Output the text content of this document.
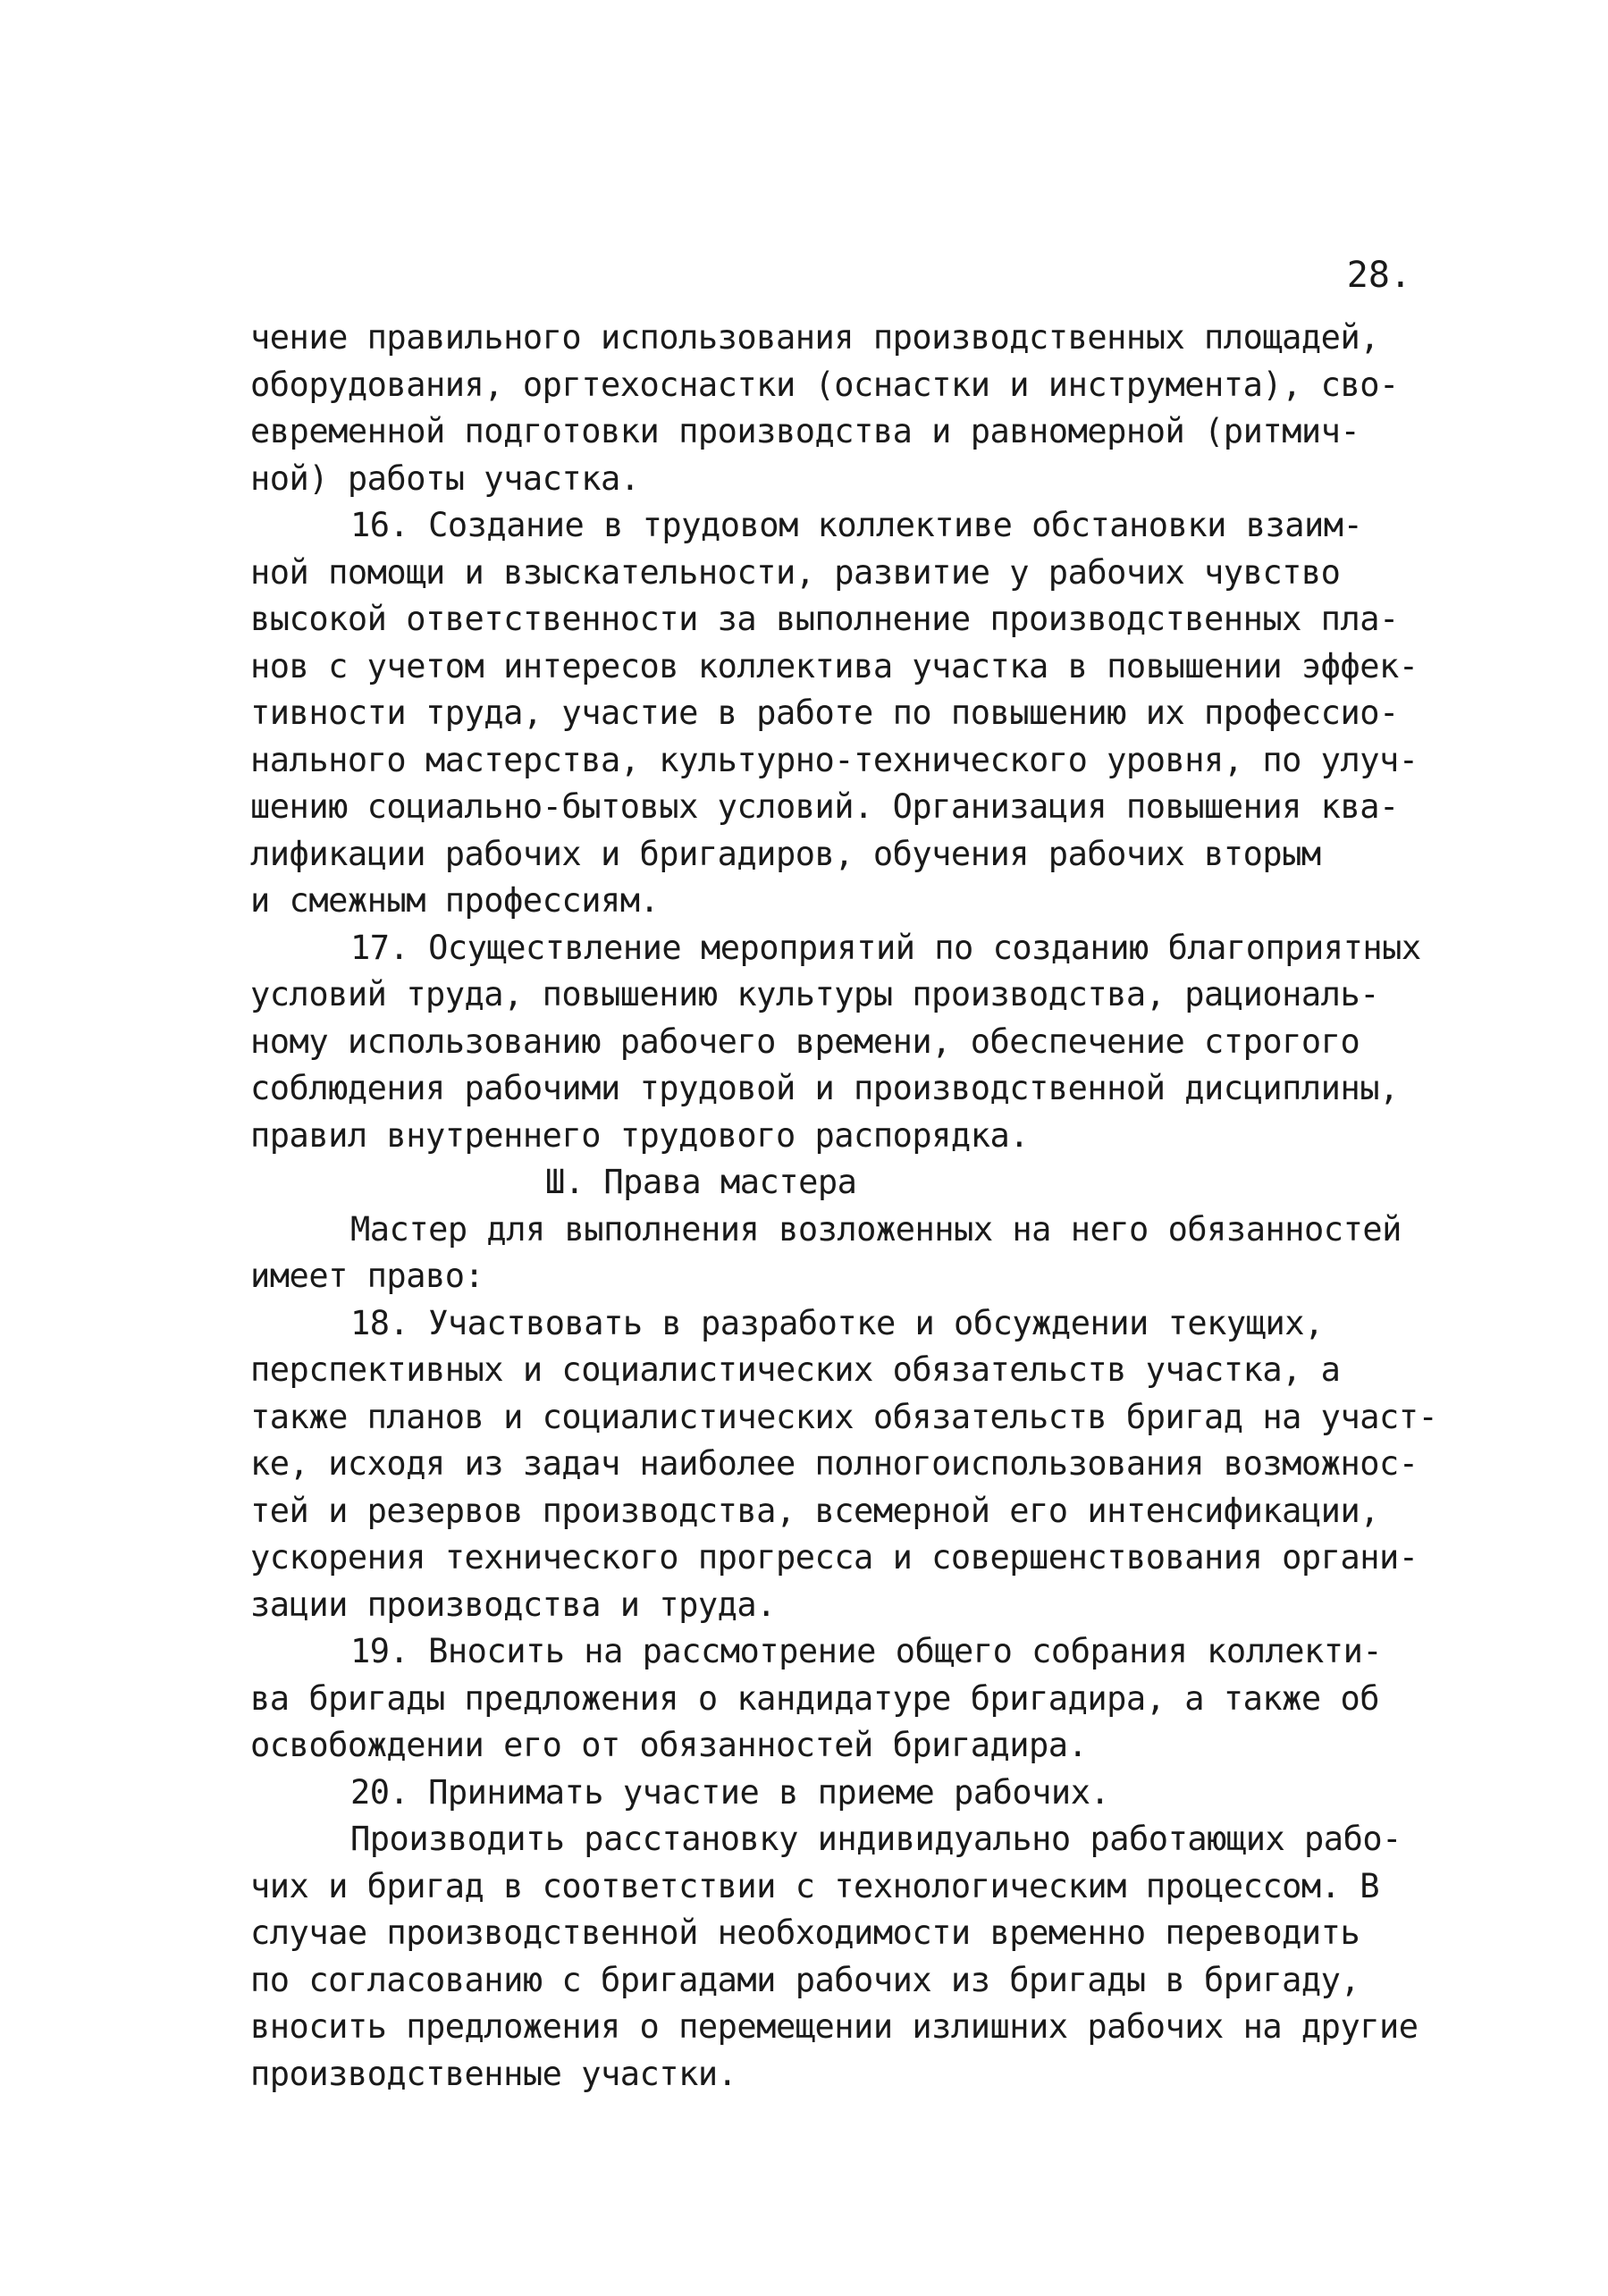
28.
чение правильного использования производственных площадей,
оборудования, оргтехоснастки (оснастки и инструмента), сво-
евременной подготовки производства и равномерной (ритмич-
ной) работы участка.
16. Создание в трудовом коллективе обстановки взаим-
ной помощи и взыскательности, развитие у рабочих чувство
высокой ответственности за выполнение производственных пла-
нов с учетом интересов коллектива участка в повышении эффек-
тивности труда, участие в работе по повышению их профессио-
нального мастерства, культурно-технического уровня, по улуч-
шению социально-бытовых условий. Организация повышения ква-
лификации рабочих и бригадиров, обучения рабочих вторым
и смежным профессиям.
17. Осуществление мероприятий по созданию благоприятных
условий труда, повышению культуры производства, рациональ-
ному использованию рабочего времени, обеспечение строгого
соблюдения рабочими трудовой и производственной дисциплины,
правил внутреннего трудового распорядка.
Ш. Права мастера
Мастер для выполнения возложенных на него обязанностей
имеет право:
18. Участвовать в разработке и обсуждении текущих,
перспективных и социалистических обязательств участка, а
также планов и социалистических обязательств бригад на участ-
ке, исходя из задач наиболее полногоиспользования возможнос-
тей и резервов производства, всемерной его интенсификации,
ускорения технического прогресса и совершенствования органи-
зации производства и труда.
19. Вносить на рассмотрение общего собрания коллекти-
ва бригады предложения о кандидатуре бригадира, а также об
освобождении его от обязанностей бригадира.
20. Принимать участие в приеме рабочих.
Производить расстановку индивидуально работающих рабо-
чих и бригад в соответствии с технологическим процессом. В
случае производственной необходимости временно переводить
по согласованию с бригадами рабочих из бригады в бригаду,
вносить предложения о перемещении излишних рабочих на другие
производственные участки.
